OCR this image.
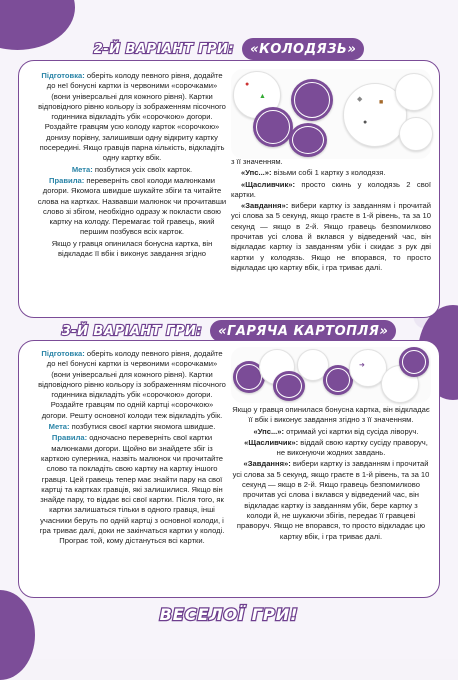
2-Й ВАРІАНТ ГРИ:	«КОЛОДЯЗЬ»

Підготовка: оберіть колоду певного рівня, додайте до неї бонусні картки із червоними «сорочками» (вони універсальні для кожного рівня). Картки відповідного рівню кольору із зображенням пісочного годинника відкладіть убік «сорочкою» догори. Роздайте гравцям усю колоду карток «сорочкою» донизу порівну, залишивши одну відкриту картку посередині. Якщо гравців парна кількість, відкладіть одну картку вбік.

Мета: позбутися усіх своїх карток.

Правила: переверніть свої колоди малюнками догори. Якомога швидше шукайте збіги та читайте слова на картках. Назвавши малюнок чи прочитавши слово зі збігом, необхідно одразу ж покласти свою картку на колоду. Перемагає той гравець, який першим позбувся всіх карток.

Якщо у гравця опинилася бонусна картка, він відкладає її вбік і виконує завдання згідно

●
▲	◆ ■
●

з її значенням.

«Упс...»: візьми собі 1 картку з колодязя.

«Щасливчик»: просто скинь у колодязь 2 свої картки.

«Завдання»: вибери картку із завданням і прочитай усі слова за 5 секунд, якщо граєте в 1-й рівень, та за 10 секунд — якщо в 2-й. Якщо гравець безпомилково прочитав усі слова й вклався у відведений час, він відкладає картку із завданням убік і скидає з рук дві картки у колодязь. Якщо не впорався, то просто відкладає цю картку вбік, і гра триває далі.

3-Й ВАРІАНТ ГРИ:	«ГАРЯЧА КАРТОПЛЯ»

Підготовка: оберіть колоду певного рівня, додайте до неї бонусні картки із червоними «сорочками» (вони універсальні для кожного рівня). Картки відповідного рівню кольору із зображенням пісочного годинника відкладіть убік «сорочкою» догори. Роздайте гравцям по одній картці «сорочкою» догори. Решту основної колоди теж відкладіть убік.

Мета: позбутися своєї картки якомога швидше.

Правила: одночасно переверніть свої картки малюнками догори. Щойно ви знайдете збіг із карткою суперника, назвіть малюнок чи прочитайте слово та покладіть свою картку на картку іншого гравця. Цей гравець тепер має знайти пару на свої картці та картках гравців, які залишилися. Якщо він знайде пару, то віддає всі свої картки. Після того, як картки залишаться тільки в одного гравця, інші учасники беруть по одній картці з основної колоди, і гра триває далі, доки не закінчаться картки у колоді. Програє той, кому дістануться всі картки.

➜

Якщо у гравця опинилася бонусна картка, він відкладає її вбік і виконує завдання згідно з її значенням.

«Упс...»: отримай усі картки від сусіда ліворуч.

«Щасливчик»: віддай свою картку сусіду праворуч, не виконуючи жодних завдань.

«Завдання»: вибери картку із завданням і прочитай усі слова за 5 секунд, якщо граєте в 1-й рівень, та за 10 секунд — якщо в 2-й. Якщо гравець безпомилково прочитав усі слова і вклався у відведений час, він відкладає картку із завданням убік, бере картку з колоди й, не шукаючи збігів, передає її гравцеві праворуч. Якщо не впорався, то просто відкладає цю картку вбік, і гра триває далі.

ВЕСЕЛОЇ ГРИ!
